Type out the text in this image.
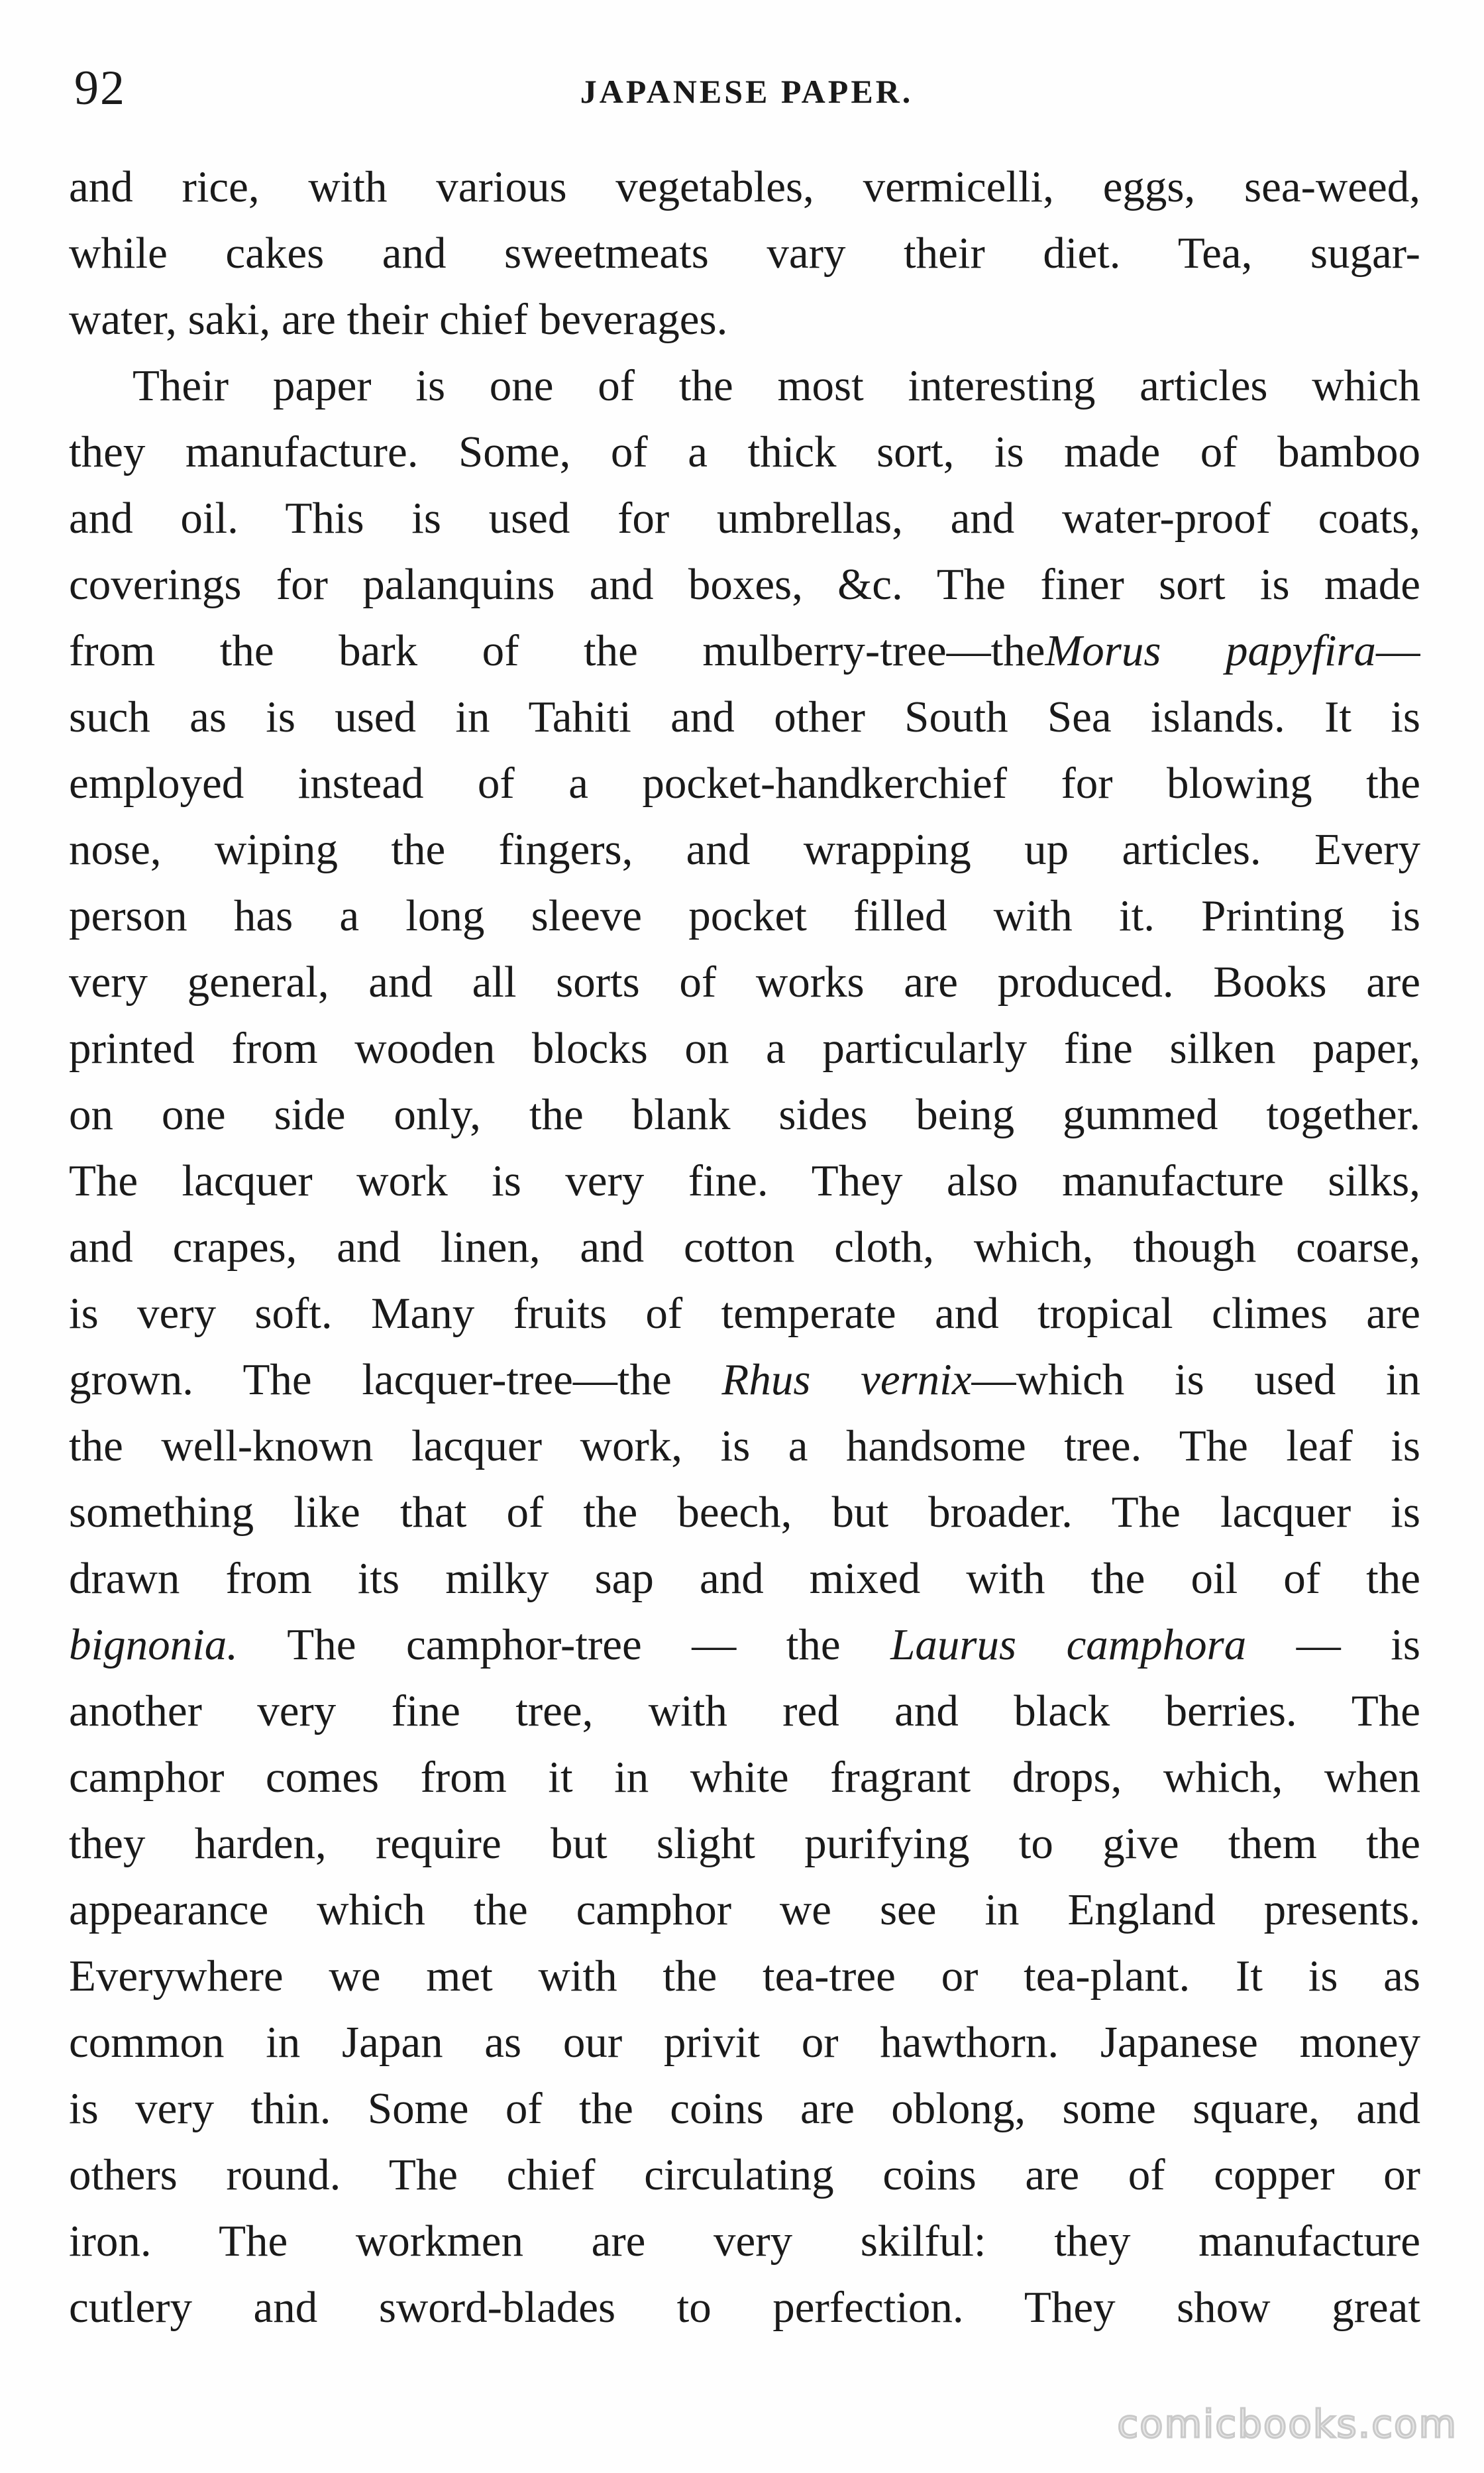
92	JAPANESE PAPER.
and rice, with various vegetables, vermicelli, eggs, sea-weed,
while cakes and sweetmeats vary their diet. Tea, sugar-
water, saki, are their chief beverages.
Their paper is one of the most interesting articles which
they manufacture. Some, of a thick sort, is made of bamboo
and oil. This is used for umbrellas, and water-proof coats,
coverings for palanquins and boxes, &c. The finer sort is made
from the bark of the mulberry-tree—theMorus papyfira—
such as is used in Tahiti and other South Sea islands. It is
employed instead of a pocket-handkerchief for blowing the
nose, wiping the fingers, and wrapping up articles. Every
person has a long sleeve pocket filled with it. Printing is
very general, and all sorts of works are produced. Books are
printed from wooden blocks on a particularly fine silken paper,
on one side only, the blank sides being gummed together.
The lacquer work is very fine. They also manufacture silks,
and crapes, and linen, and cotton cloth, which, though coarse,
is very soft. Many fruits of temperate and tropical climes are
grown. The lacquer-tree—the Rhus vernix—which is used in
the well-known lacquer work, is a handsome tree. The leaf is
something like that of the beech, but broader. The lacquer is
drawn from its milky sap and mixed with the oil of the
bignonia. The camphor-tree — the Laurus camphora — is
another very fine tree, with red and black berries. The
camphor comes from it in white fragrant drops, which, when
they harden, require but slight purifying to give them the
appearance which the camphor we see in England presents.
Everywhere we met with the tea-tree or tea-plant. It is as
common in Japan as our privit or hawthorn. Japanese money
is very thin. Some of the coins are oblong, some square, and
others round. The chief circulating coins are of copper or
iron. The workmen are very skilful: they manufacture
cutlery and sword-blades to perfection. They show great
comicbooks.com
